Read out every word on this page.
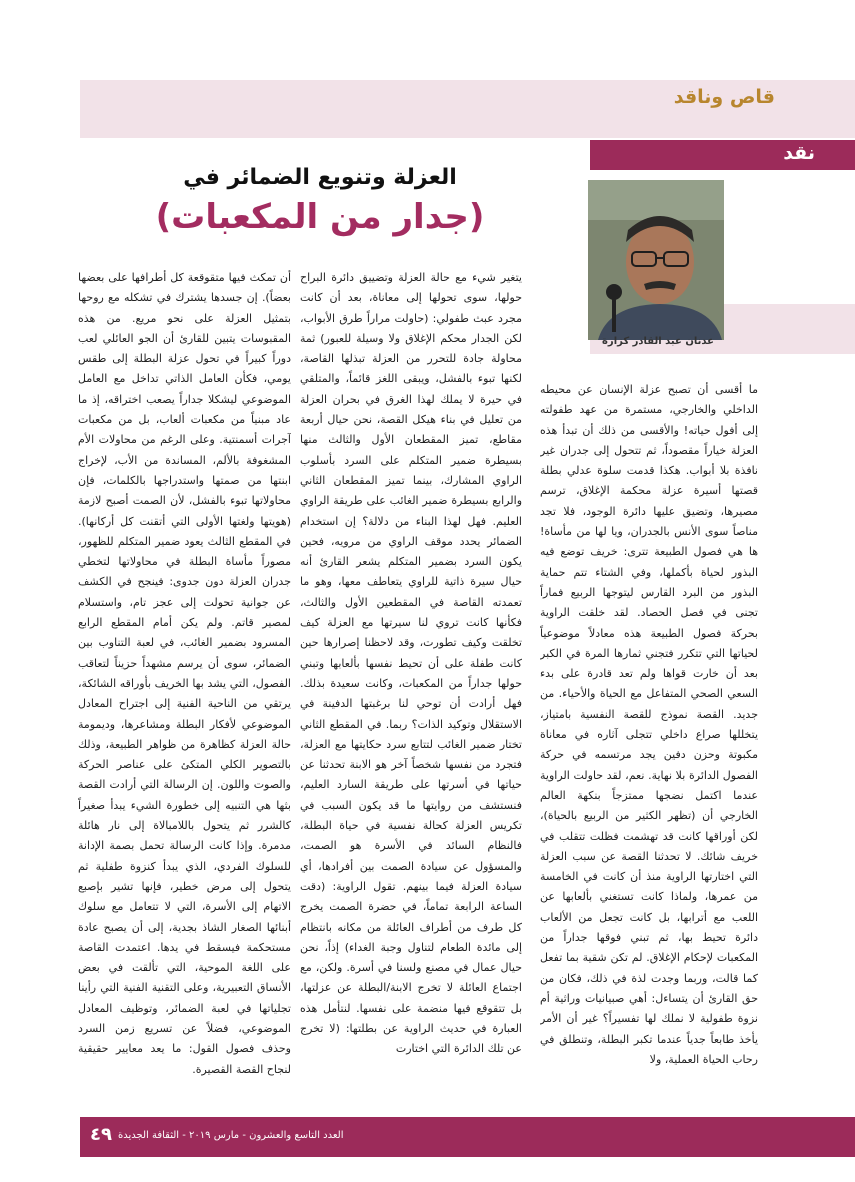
قاص وناقد
نقد
عدنان عبد القادر كزارة
العزلة وتنويع الضمائر في
(جدار من المكعبات)

ما أقسى أن تصبح عزلة الإنسان عن محيطه الداخلي والخارجي، مستمرة من عهد طفولته إلى أفول حياته! والأقسى من ذلك أن تبدأ هذه العزلة خياراً مقصوداً، ثم تتحول إلى جدران غير نافذة بلا أبواب. هكذا قدمت سلوة عدلي بطلة قصتها أسيرة عزلة محكمة الإغلاق، ترسم مصيرها، وتضيق عليها دائرة الوجود، فلا تجد مناصاً سوى الأنس بالجدران، ويا لها من مأساة! ها هي فصول الطبيعة تترى: خريف توضع فيه البذور لحياة بأكملها، وفي الشتاء تتم حماية البذور من البرد القارس ليتوجها الربيع فماراً تجنى في فصل الحصاد. لقد خلقت الراوية بحركة فصول الطبيعة هذه معادلاً موضوعياً لحياتها التي تتكرر فتجني ثمارها المرة في الكبر بعد أن خارت قواها ولم تعد قادرة على بدء السعي الصحي المتفاعل مع الحياة والأحياء. من جديد. القصة نموذج للقصة النفسية بامتياز، يتخللها صراع داخلي تتجلى آثاره في معاناة مكبوتة وحزن دفين يجد مرتسمه في حركة الفصول الدائرة بلا نهاية. نعم، لقد حاولت الراوية عندما اكتمل نضجها ممتزجاً بنكهة العالم الخارجي أن (تظهر الكثير من الربيع بالحياة)، لكن أوراقها كانت قد تهشمت فظلت تتقلب في خريف شائك. لا تحدثنا القصة عن سبب العزلة التي اختارتها الراوية منذ أن كانت في الخامسة من عمرها، ولماذا كانت تستغني بألعابها عن اللعب مع أترابها، بل كانت تجعل من الألعاب دائرة تحيط بها، ثم تبني فوقها جداراً من المكعبات لإحكام الإغلاق. لم تكن شقية بما تفعل كما قالت، وربما وجدت لذة في ذلك، فكان من حق القارئ أن يتساءل: أهي صبيانيات وراثية أم نزوة طفولية لا نملك لها تفسيراً؟ غير أن الأمر يأخذ طابعاً جدياً عندما تكبر البطلة، وتنطلق في رحاب الحياة العملية، ولا

يتغير شيء مع حالة العزلة وتضييق دائرة البراح حولها، سوى تحولها إلى معاناة، بعد أن كانت مجرد عبث طفولي: (حاولت مراراً طرق الأبواب، لكن الجدار محكم الإغلاق ولا وسيلة للعبور) ثمة محاولة جادة للتحرر من العزلة تبذلها القاصة، لكنها تبوء بالفشل، ويبقى اللغز قائماً، والمتلقي في حيرة لا يملك لهذا الغرق في بحران العزلة من تعليل في بناء هيكل القصة، نحن حيال أربعة مقاطع، تميز المقطعان الأول والثالث منها بسيطرة ضمير المتكلم على السرد بأسلوب الراوي المشارك، بينما تميز المقطعان الثاني والرابع بسيطرة ضمير الغائب على طريقة الراوي العليم. فهل لهذا البناء من دلالة؟ إن استخدام الضمائر يحدد موقف الراوي من مرويه، فحين يكون السرد بضمير المتكلم يشعر القارئ أنه حيال سيرة ذاتية للراوي يتعاطف معها، وهو ما تعمدته القاصة في المقطعين الأول والثالث، فكأنها كانت تروي لنا سيرتها مع العزلة كيف تخلقت وكيف تطورت، وقد لاحظنا إصرارها حين كانت طفلة على أن تحيط نفسها بألعابها وتبني حولها جداراً من المكعبات، وكانت سعيدة بذلك. فهل أرادت أن توحي لنا برغبتها الدفينة في الاستقلال وتوكيد الذات؟ ربما. في المقطع الثاني تختار ضمير الغائب لتتابع سرد حكايتها مع العزلة، فتجرد من نفسها شخصاً آخر هو الابنة تحدثنا عن حياتها في أسرتها على طريقة السارد العليم، فنستشف من روايتها ما قد يكون السبب في تكريس العزلة كحالة نفسية في حياة البطلة، فالنظام السائد في الأسرة هو الصمت، والمسؤول عن سيادة الصمت بين أفرادها، أي سيادة العزلة فيما بينهم. تقول الراوية: (دقت الساعة الرابعة تماماً، في حضرة الصمت يخرج كل طرف من أطراف العائلة من مكانه بانتظام إلى مائدة الطعام لتناول وجبة الغداء) إذاً، نحن حيال عمال في مصنع ولسنا في أسرة. ولكن، مع اجتماع العائلة لا تخرج الابنة/البطلة عن عزلتها، بل تتقوقع فيها منضمة على نفسها. لنتأمل هذه العبارة في حديث الراوية عن بطلتها: (لا تخرج عن تلك الدائرة التي اختارت

أن تمكث فيها متقوقعة كل أطرافها على بعضها بعضاً). إن جسدها يشترك في تشكله مع روحها بتمثيل العزلة على نحو مريع. من هذه المقبوسات يتبين للقارئ أن الجو العائلي لعب دوراً كبيراً في تحول عزلة البطلة إلى طقس يومي، فكأن العامل الذاتي تداخل مع العامل الموضوعي ليشكلا جداراً يصعب اختراقه، إذ ما عاد مبنياً من مكعبات ألعاب، بل من مكعبات آجرات أسمنتية. وعلى الرغم من محاولات الأم المشغوفة بالألم، المساندة من الأب، لإخراج ابنتها من صمتها واستدراجها بالكلمات، فإن محاولاتها تبوء بالفشل، لأن الصمت أصبح لازمة (هويتها ولغتها الأولى التي أتقنت كل أركانها). في المقطع الثالث يعود ضمير المتكلم للظهور، مصوراً مأساة البطلة في محاولاتها لتخطي جدران العزلة دون جدوى: فينجح في الكشف عن جوانية تحولت إلى عجز تام، واستسلام لمصير قاتم. ولم يكن أمام المقطع الرابع المسرود بضمير الغائب، في لعبة التناوب بين الضمائر، سوى أن يرسم مشهداً حزيناً لتعاقب الفصول، التي يشد بها الخريف بأوراقه الشائكة، يرتقي من الناحية الفنية إلى اجتراح المعادل الموضوعي لأفكار البطلة ومشاعرها، وديمومة حالة العزلة كظاهرة من ظواهر الطبيعة، وذلك بالتصوير الكلي المتكئ على عناصر الحركة والصوت واللون. إن الرسالة التي أرادت القصة بثها هي التنبيه إلى خطورة الشيء يبدأ صغيراً كالشرر ثم يتحول باللامبالاة إلى نار هائلة مدمرة. وإذا كانت الرسالة تحمل بصمة الإدانة للسلوك الفردي، الذي يبدأ كنزوة طفلية ثم يتحول إلى مرض خطير، فإنها تشير بإصبع الاتهام إلى الأسرة، التي لا تتعامل مع سلوك أبنائها الصغار الشاذ بجدية، إلى أن يصبح عادة مستحكمة فيسقط في يدها. اعتمدت القاصة على اللغة الموحية، التي تألقت في بعض الأنساق التعبيرية، وعلى التقنية الفنية التي رأينا تجلياتها في لعبة الضمائر، وتوظيف المعادل الموضوعي، فضلاً عن تسريع زمن السرد وحذف فصول القول: ما يعد معايير حقيقية لنجاح القصة القصيرة.

٤٩ العدد التاسع والعشرون - مارس ٢٠١٩ - الثقافة الجديدة
